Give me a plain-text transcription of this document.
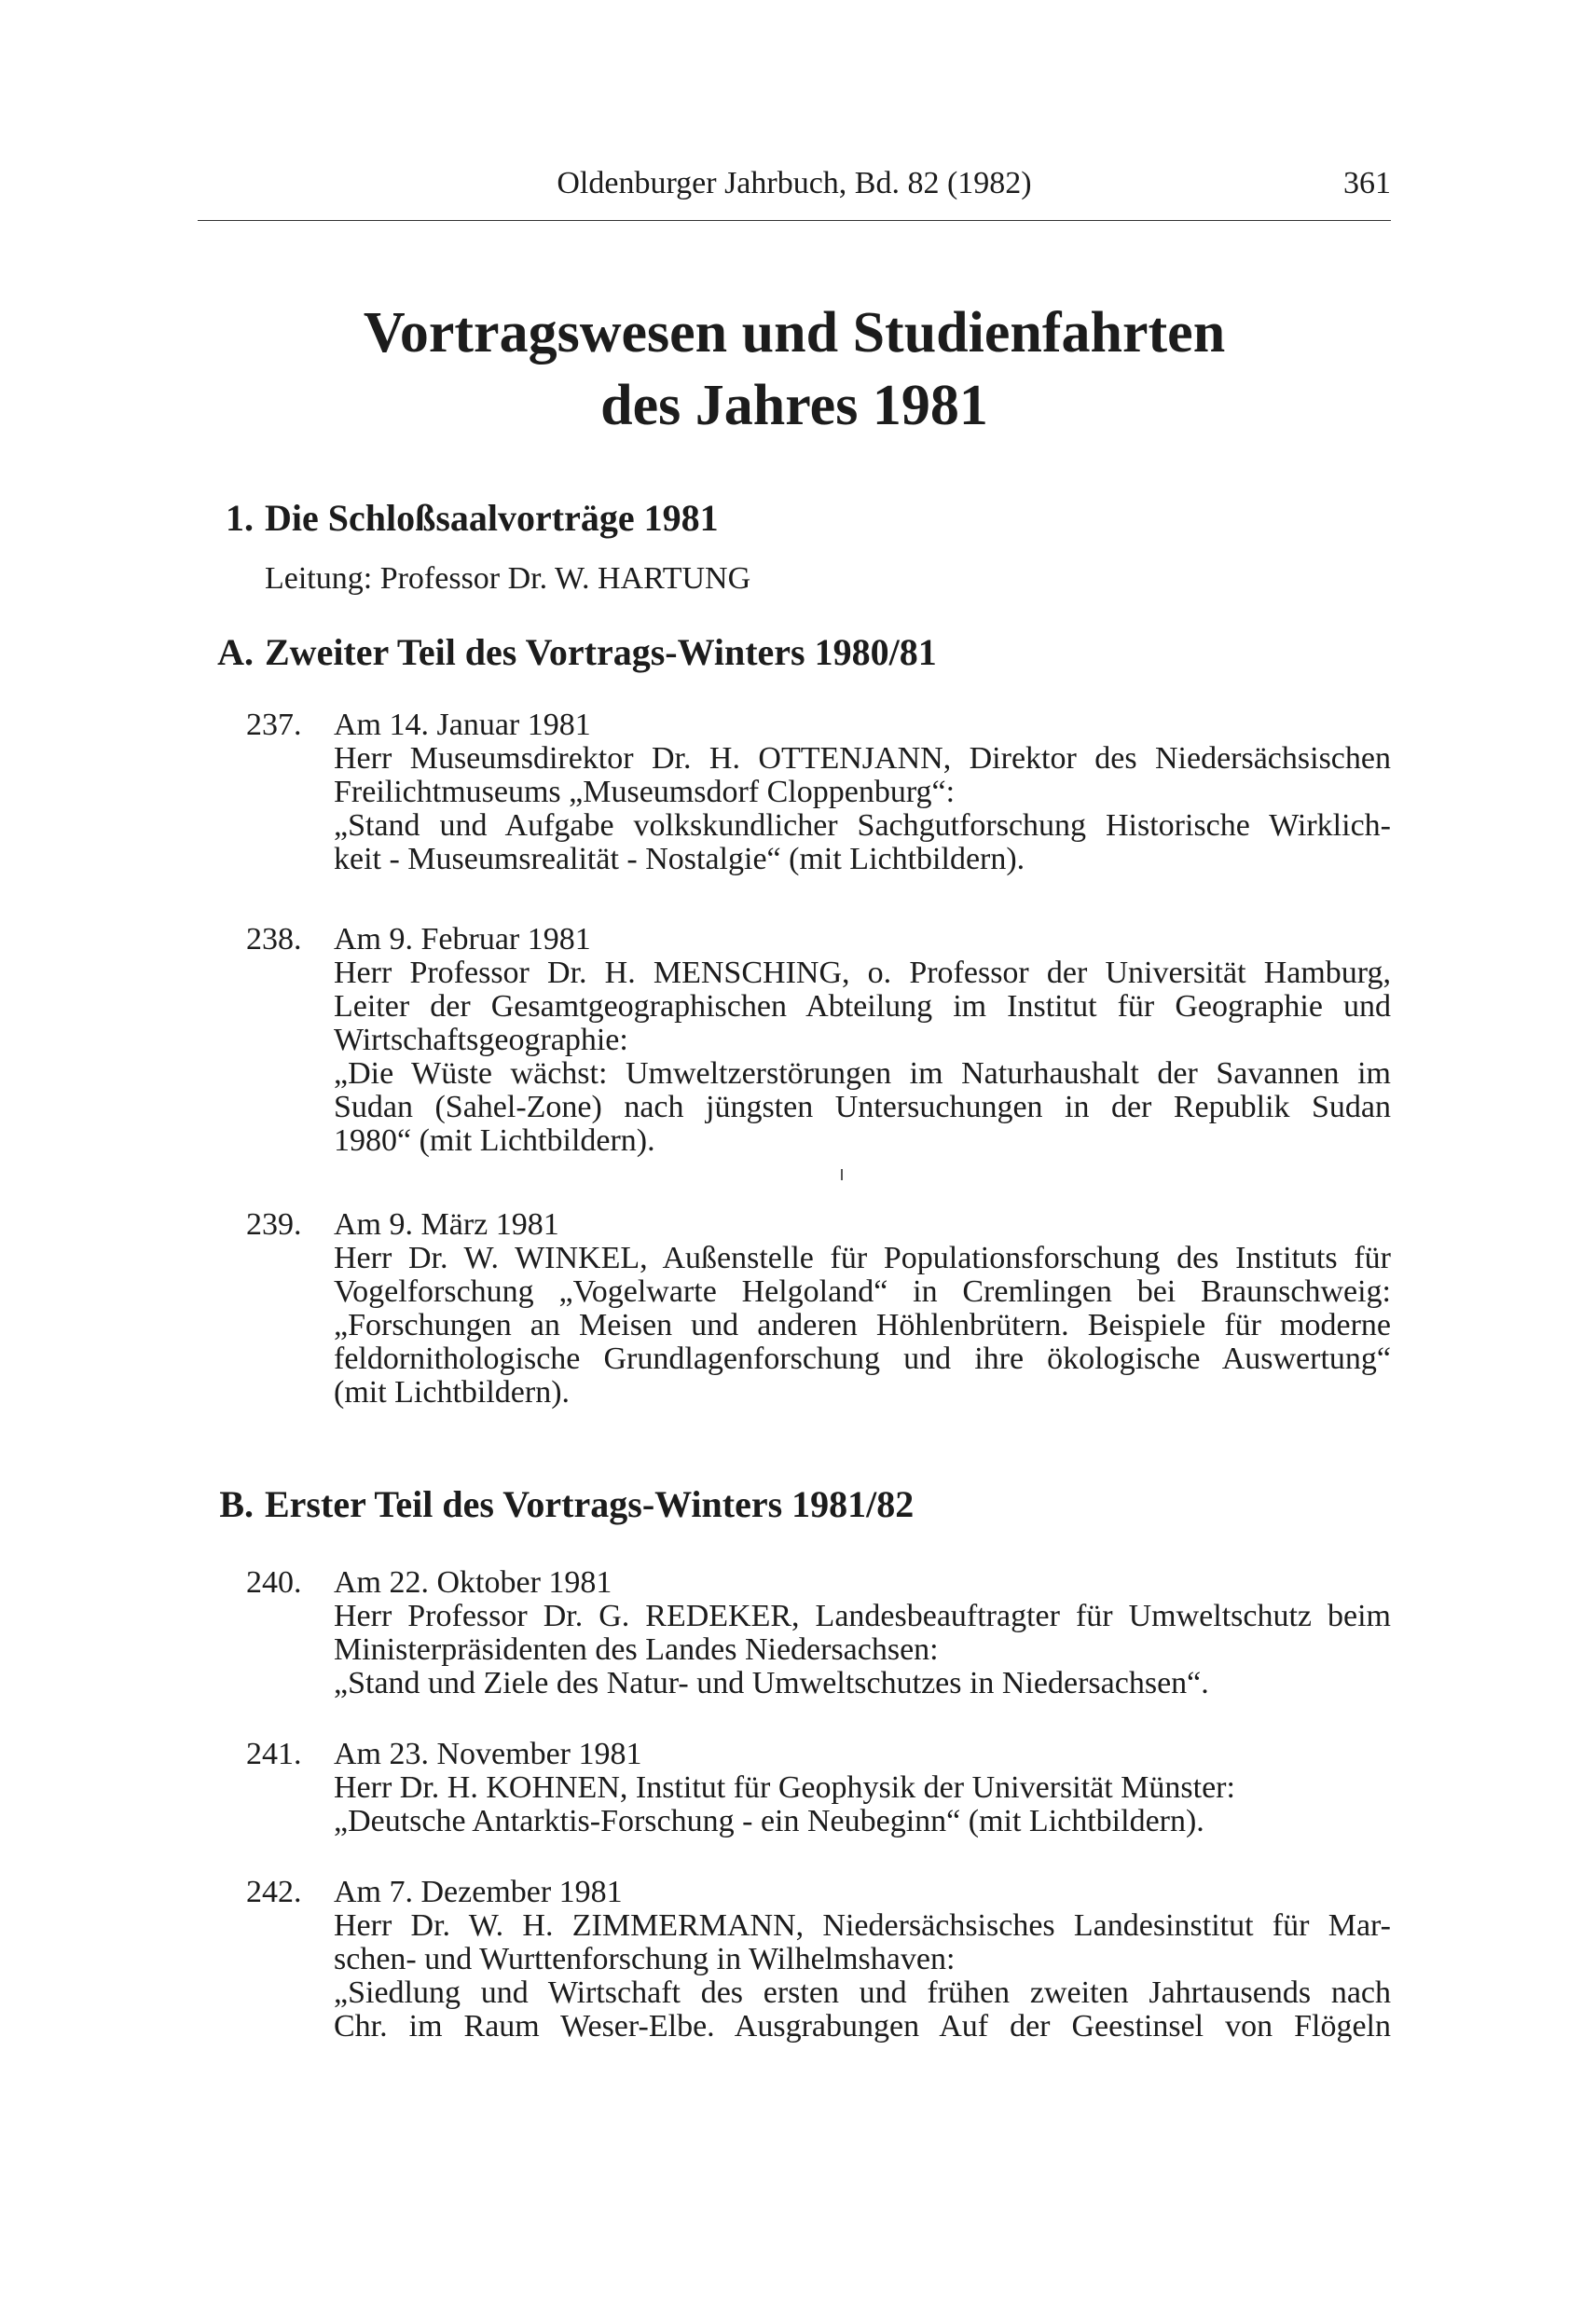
Oldenburger Jahrbuch, Bd. 82 (1982)	361
Vortragswesen und Studienfahrten
des Jahres 1981
1. Die Schloßsaalvorträge 1981
Leitung: Professor Dr. W. HARTUNG
A. Zweiter Teil des Vortrags-Winters 1980/81
237. Am 14. Januar 1981
Herr Museumsdirektor Dr. H. OTTENJANN, Direktor des Niedersächsischen
Freilichtmuseums „Museumsdorf Cloppenburg“:
„Stand und Aufgabe volkskundlicher Sachgutforschung Historische Wirklich-
keit - Museumsrealität - Nostalgie“ (mit Lichtbildern).
238. Am 9. Februar 1981
Herr Professor Dr. H. MENSCHING, o. Professor der Universität Hamburg,
Leiter der Gesamtgeographischen Abteilung im Institut für Geographie und
Wirtschaftsgeographie:
„Die Wüste wächst: Umweltzerstörungen im Naturhaushalt der Savannen im
Sudan (Sahel-Zone) nach jüngsten Untersuchungen in der Republik Sudan
1980“ (mit Lichtbildern).
239. Am 9. März 1981
Herr Dr. W. WINKEL, Außenstelle für Populationsforschung des Instituts für
Vogelforschung „Vogelwarte Helgoland“ in Cremlingen bei Braunschweig:
„Forschungen an Meisen und anderen Höhlenbrütern. Beispiele für moderne
feldornithologische Grundlagenforschung und ihre ökologische Auswertung“
(mit Lichtbildern).
B. Erster Teil des Vortrags-Winters 1981/82
240. Am 22. Oktober 1981
Herr Professor Dr. G. REDEKER, Landesbeauftragter für Umweltschutz beim
Ministerpräsidenten des Landes Niedersachsen:
„Stand und Ziele des Natur- und Umweltschutzes in Niedersachsen“.
241. Am 23. November 1981
Herr Dr. H. KOHNEN, Institut für Geophysik der Universität Münster:
„Deutsche Antarktis-Forschung - ein Neubeginn“ (mit Lichtbildern).
242. Am 7. Dezember 1981
Herr Dr. W. H. ZIMMERMANN, Niedersächsisches Landesinstitut für Mar-
schen- und Wurttenforschung in Wilhelmshaven:
„Siedlung und Wirtschaft des ersten und frühen zweiten Jahrtausends nach
Chr. im Raum Weser-Elbe. Ausgrabungen Auf der Geestinsel von Flögeln
